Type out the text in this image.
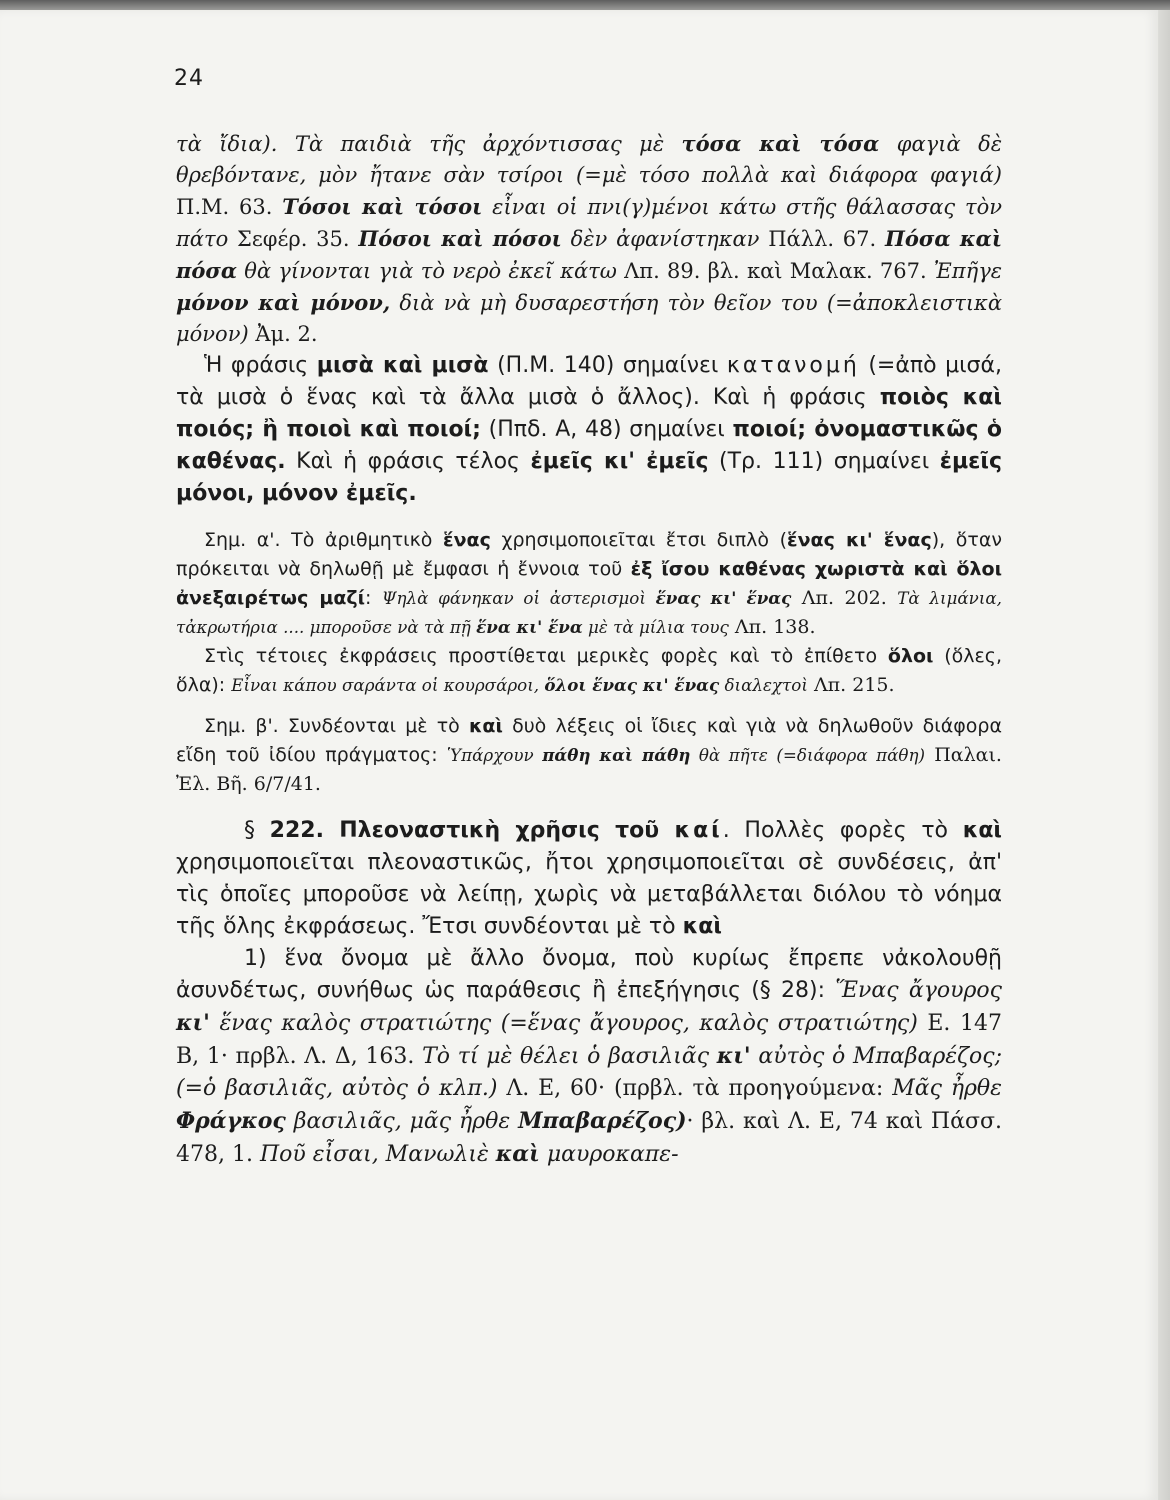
24

τὰ ἴδια). Τὰ παιδιὰ τῆς ἀρχόντισσας μὲ τόσα καὶ τόσα φαγιὰ δὲ θρεβόντανε, μὸν ἤτανε σὰν τσίροι (=μὲ τόσο πολλὰ καὶ διάφορα φαγιά) Π.Μ. 63. Τόσοι καὶ τόσοι εἶναι οἱ πνι(γ)μένοι κάτω στῆς θάλασσας τὸν πάτο Σεφέρ. 35. Πόσοι καὶ πόσοι δὲν ἀφανίστηκαν Πάλλ. 67. Πόσα καὶ πόσα θὰ γίνονται γιὰ τὸ νερὸ ἐκεῖ κάτω Λπ. 89. βλ. καὶ Μαλακ. 767. Ἐπῆγε μόνον καὶ μόνον, διὰ νὰ μὴ δυσαρεστήση τὸν θεῖον του (=ἀποκλειστικὰ μόνον) Ἀμ. 2.

Ἡ φράσις μισὰ καὶ μισὰ (Π.Μ. 140) σημαίνει κατανομή (=ἀπὸ μισά, τὰ μισὰ ὁ ἕνας καὶ τὰ ἄλλα μισὰ ὁ ἄλλος). Καὶ ἡ φράσις ποιὸς καὶ ποιός; ἢ ποιοὶ καὶ ποιοί; (Ππδ. Α, 48) σημαίνει ποιοί; ὀνομαστικῶς ὁ καθένας. Καὶ ἡ φράσις τέλος ἐμεῖς κι' ἐμεῖς (Τρ. 111) σημαίνει ἐμεῖς μόνοι, μόνον ἐμεῖς.

Σημ. α'. Τὸ ἀριθμητικὸ ἕνας χρησιμοποιεῖται ἔτσι διπλὸ (ἕνας κι' ἕνας), ὅταν πρόκειται νὰ δηλωθῇ μὲ ἔμφασι ἡ ἔννοια τοῦ ἐξ ἴσου καθένας χωριστὰ καὶ ὅλοι ἀνεξαιρέτως μαζί: Ψηλὰ φάνηκαν οἱ ἀστερισμοὶ ἕνας κι' ἕνας Λπ. 202. Τὰ λιμάνια, τἀκρωτήρια .... μποροῦσε νὰ τὰ πῇ ἕνα κι' ἕνα μὲ τὰ μίλια τους Λπ. 138.

Στὶς τέτοιες ἐκφράσεις προστίθεται μερικὲς φορὲς καὶ τὸ ἐπίθετο ὅλοι (ὅλες, ὅλα): Εἶναι κάπου σαράντα οἱ κουρσάροι, ὅλοι ἕνας κι' ἕνας διαλεχτοὶ Λπ. 215.

Σημ. β'. Συνδέονται μὲ τὸ καὶ δυὸ λέξεις οἱ ἴδιες καὶ γιὰ νὰ δηλωθοῦν διάφορα εἴδη τοῦ ἰδίου πράγματος: Ὑπάρχουν πάθη καὶ πάθη θὰ πῆτε (=διάφορα πάθη) Παλαι. Ἐλ. Βῆ. 6/7/41.

§ 222. Πλεοναστικὴ χρῆσις τοῦ καί. Πολλὲς φορὲς τὸ καὶ χρησιμοποιεῖται πλεοναστικῶς, ἤτοι χρησιμοποιεῖται σὲ συνδέσεις, ἀπ' τὶς ὁποῖες μποροῦσε νὰ λείπῃ, χωρὶς νὰ μεταβάλλεται διόλου τὸ νόημα τῆς ὅλης ἐκφράσεως. Ἔτσι συνδέονται μὲ τὸ καὶ

1) ἕνα ὄνομα μὲ ἄλλο ὄνομα, ποὺ κυρίως ἔπρεπε νἀκολουθῇ ἀσυνδέτως, συνήθως ὡς παράθεσις ἢ ἐπεξήγησις (§ 28): Ἕνας ἄγουρος κι' ἕνας καλὸς στρατιώτης (=ἕνας ἄγουρος, καλὸς στρατιώτης) Ε. 147 Β, 1· πρβλ. Λ. Δ, 163. Τὸ τί μὲ θέλει ὁ βασιλιᾶς κι' αὐτὸς ὁ Μπαβαρέζος; (=ὁ βασιλιᾶς, αὐτὸς ὁ κλπ.) Λ. Ε, 60· (πρβλ. τὰ προηγούμενα: Μᾶς ἦρθε Φράγκος βασιλιᾶς, μᾶς ἦρθε Μπαβαρέζος)· βλ. καὶ Λ. Ε, 74 καὶ Πάσσ. 478, 1. Ποῦ εἶσαι, Μανωλιὲ καὶ μαυροκαπε-
